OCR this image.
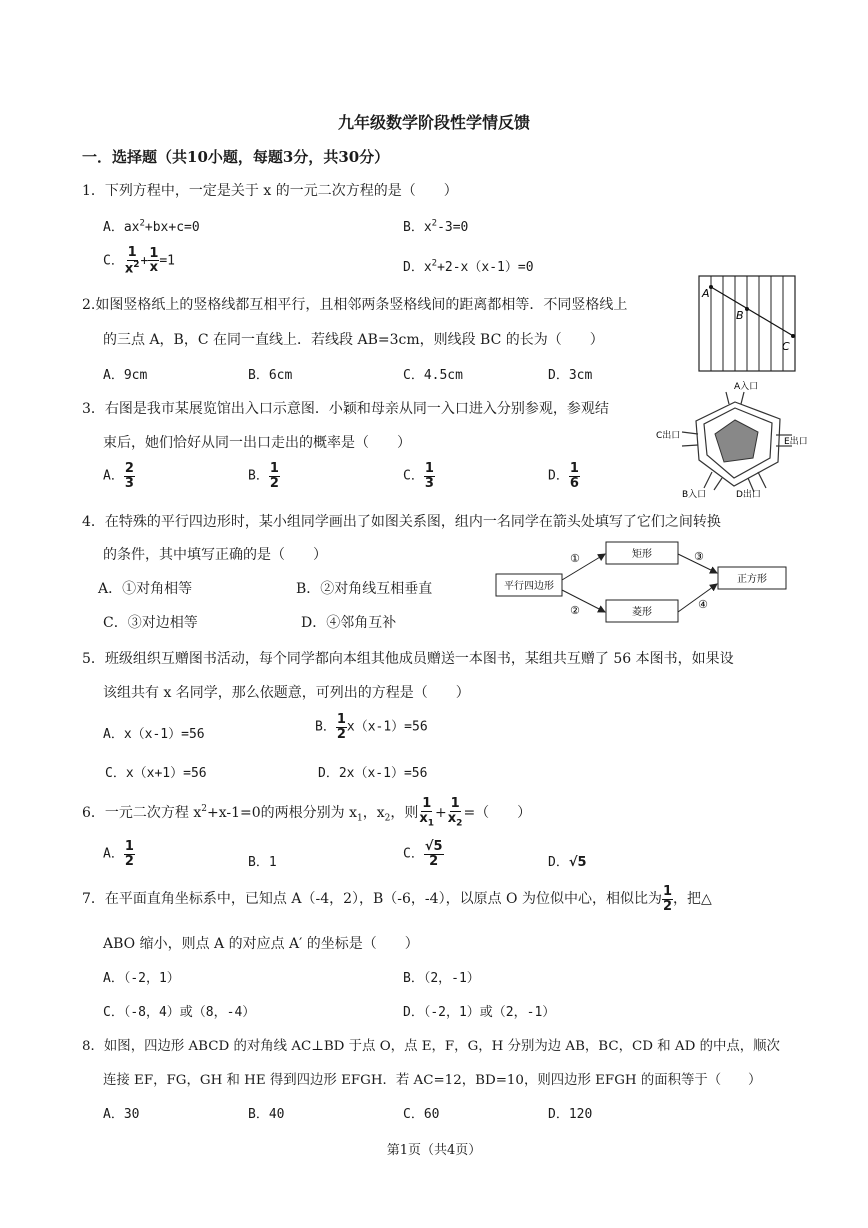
九年级数学阶段性学情反馈
一．选择题（共10小题，每题3分，共30分）
1．下列方程中，一定是关于 x 的一元二次方程的是（　　）
A．$ax^2+bx+c=0$	B．$x^2-3=0$
C． $\frac{1}{x^2} + \frac{1}{x} =1$	D．$x^2+2-x(x-1)=0$
2.如图竖格纸上的竖格线都互相平行，且相邻两条竖格线间的距离都相等．不同竖格线上
的三点 A，B，C 在同一直线上．若线段 AB=3cm，则线段 BC 的长为（　　）
A．9cm	B．6cm	C．4.5cm	D．3cm
A
B
C
3．右图是我市某展览馆出入口示意图．小颖和母亲从同一入口进入分别参观，参观结
束后，她们恰好从同一出口走出的概率是（　　）
A． $\frac{2}{3}$	B． $\frac{1}{2}$	C． $\frac{1}{3}$	D． $\frac{1}{6}$
A入口
C出口
E出口
B入口	D出口
4．在特殊的平行四边形时，某小组同学画出了如图关系图，组内一名同学在箭头处填写了它们之间转换
的条件，其中填写正确的是（　　）
A．①对角相等	B．②对角线互相垂直
C．③对边相等	D．④邻角互补
平行四边形
矩形
菱形
正方形
①
②
③
④
5．班级组织互赠图书活动，每个同学都向本组其他成员赠送一本图书，某组共互赠了 56 本图书，如果设
该组共有 x 名同学，那么依题意，可列出的方程是（　　）
A．x（x-1）=56	B． $\frac{1}{2} x(x-1)=56$
C．x（x+1）=56	D．2x（x-1）=56
6．一元二次方程 $x^2+x-1=0$的两根分别为 $x_1$，$x_2$，则 $\frac{1}{x_1} + \frac{1}{x_2}$ =（　　）
A． $\frac{1}{2}$	B．1
C． $\frac{√5}{2}$	D．√5
7．在平面直角坐标系中，已知点 A（-4，2），B（-6，-4），以原点 O 为位似中心，相似比为 $\frac{1}{2}$ ，把△
ABO 缩小，则点 A 的对应点 A′ 的坐标是（　　）
A．（-2，1）	B．（2，-1）
C．（-8，4）或（8，-4）	D．（-2，1）或（2，-1）
8．如图，四边形 ABCD 的对角线 AC⊥BD 于点 O，点 E，F，G，H 分别为边 AB，BC，CD 和 AD 的中点，顺次
连接 EF，FG，GH 和 HE 得到四边形 EFGH．若 AC=12，BD=10，则四边形 EFGH 的面积等于（　　）
A．30	B．40	C．60	D．120
第1页（共4页）
